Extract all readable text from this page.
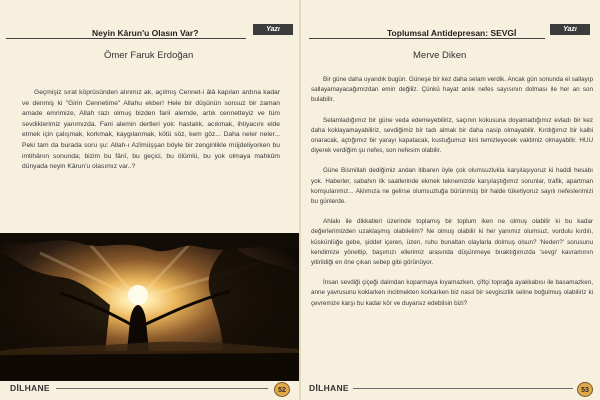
Yazı
Neyin Kârun'u Olasın Var?
Ömer Faruk Erdoğan

Geçmişiz sırat köprüsünden alınmız ak, açılmış Cennet-i âlâ kapıları ardına kadar ve denmiş ki "Girin Cennetime" Allahu ekber! Hele bir düşünün sonsuz bir zaman amade emrimize, Allah razı olmuş bizden fanî alemde, artık cennetteyiz ve tüm sevdiklerimiz yanımızda. Fani alemin dertleri yok: hastalık, acıkmak, ihtiyacını elde etmek için çalışmak, korkmak, kaygılanmak, kötü söz, kem göz... Daha neler neler... Peki tam da burada soru şu: Allah-ı Azîmüşşan böyle bir zenginlikle müjdeliyorken bu imtihânın sonunda; bizim bu fânî, bu geçici, bu ölümlü, bu yok olmaya mahkûm dünyada neyin Kârun'u olasımız var..?

DİLHANE	52
Yazı
Toplumsal Antidepresan: SEVGİ
Merve Diken

Bir güne daha uyandık bugün. Güneşe bir kez daha selam verdik. Ancak gün sonunda el sallayıp sallayamayacağımızdan emin değiliz. Çünkü hayat anlık nefes sayısının dolması ile her an son bulabilir.

Selamladığımız bir güne veda edemeyebiliriz, saçının kokusuna doyamadığımız evladı bir kez daha koklayamayabiliriz, sevdiğimiz bir tadı almak bir daha nasip olmayabilir. Kırdığımız bir kalbi onaracak, açtığımız bir yarayı kapatacak, kustuğumuz kini temizleyecek vaktimiz olmayabilir. HUU diyerek verdiğim şu nefes, son nefesim olabilir.

Güne Bismillah dediğimiz andan itibaren öyle çok olumsuzlukla karşılaşıyoruz ki haddi hesabı yok. Haberler, sabahın ilk saatlerinde ekmek teknemizde karşılaştığımız sorunlar, trafik, apartman komşularımız... Aklımıza ne gelirse olumsuzluğa bürünmüş bir halde tüketiyoruz sayılı nefeslerimizi bu günlerde.

Ahlakı ile dikkatleri üzerinde toplamış bir toplum iken ne olmuş olabilir ki bu kadar değerlerimizden uzaklaşmış olabilelim? Ne olmuş olabilir ki her yanımız olumsuz, vurdulu kırdılı, küskünlüğe gebe, şiddet içeren, üzen, ruhu bunaltan olaylarla dolmuş olsun? 'Neden?' sorusunu kendimize yöneltip, başımızı ellerimiz arasında düşünmeye bıraktığımızda 'sevgi' kavramının yitirildiği en öne çıkan sebep gibi görünüyor.

İnsan sevdiği çiçeği dalından koparmaya kıyamazken, çiftçi toprağa ayakkabısı ile basamazken, anne yavrusunu koklarken incitmekten korkarken biz nasıl bir sevgisizlik seline boğulmuş olabiliriz ki çevremize karşı bu kadar kör ve duyarsız edebilsin bizi?

DİLHANE	53
